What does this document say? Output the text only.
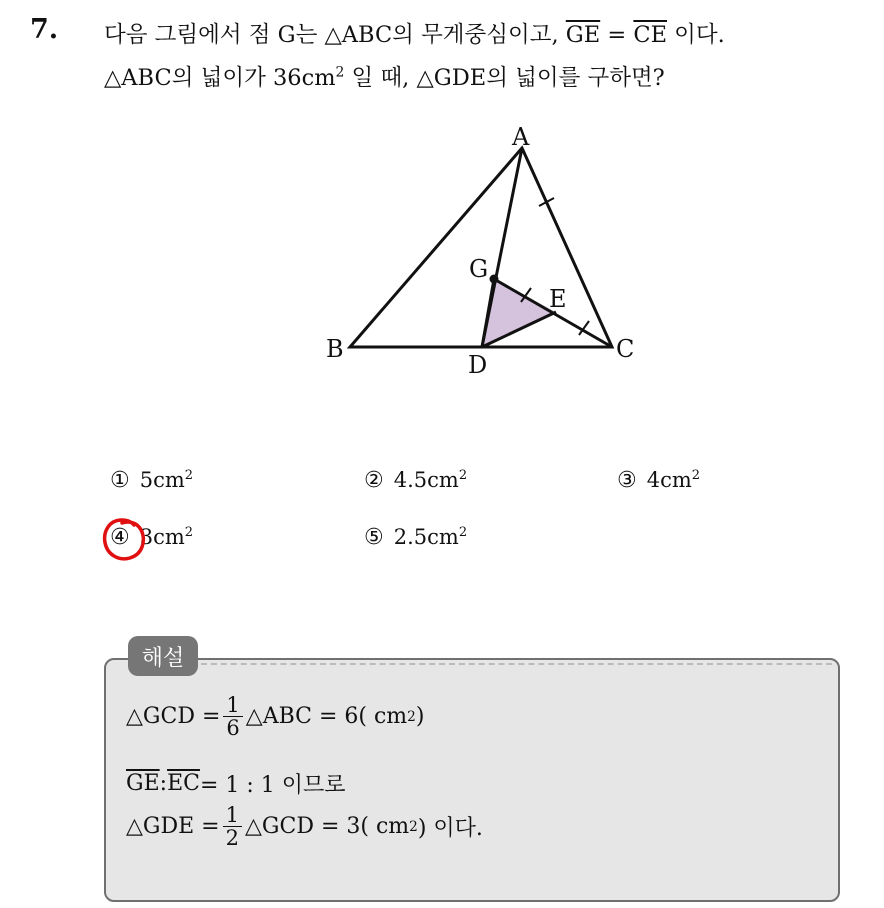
7. 다음 그림에서 점 G는 △ABC의 무게중심이고, $\overline{GE} = \overline{CE}$ 이다.
△ABC의 넓이가 $36cm^2$ 일 때, △GDE의 넓이를 구하면?
A
B	C
D
E
G
① $5cm^2$	② $4.5cm^2$	③ $4cm^2$
④ $3cm^2$	⑤ $2.5cm^2$
해설
△GCD = $\frac{1}{6}$ △ABC = 6( cm 2 )
$\overline{GE}$ : $\overline{EC} = 1$ : 1 이므로
△GDE = $\frac{1}{2}$ △GCD = 3( cm 2 ) 이다.
